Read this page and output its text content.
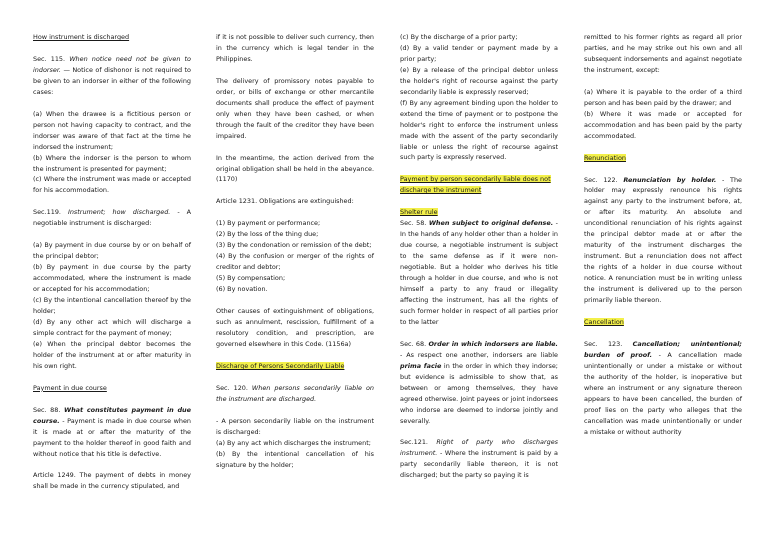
How instrument is discharged

Sec. 115. When notice need not be given to indorser. — Notice of dishonor is not required to be given to an indorser in either of the following cases:

(a) When the drawee is a fictitious person or person not having capacity to contract, and the indorser was aware of that fact at the time he indorsed the instrument;

(b) Where the indorser is the person to whom the instrument is presented for payment;

(c) Where the instrument was made or accepted for his accommodation.

Sec.119. Instrument; how discharged. - A negotiable instrument is discharged:

(a) By payment in due course by or on behalf of the principal debtor;

(b) By payment in due course by the party accommodated, where the instrument is made or accepted for his accommodation;

(c) By the intentional cancellation thereof by the holder;

(d) By any other act which will discharge a simple contract for the payment of money;

(e) When the principal debtor becomes the holder of the instrument at or after maturity in his own right.

Payment in due course

Sec. 88. What constitutes payment in due course. - Payment is made in due course when it is made at or after the maturity of the payment to the holder thereof in good faith and without notice that his title is defective.

Article 1249. The payment of debts in money shall be made in the currency stipulated, and

if it is not possible to deliver such currency, then in the currency which is legal tender in the Philippines.

The delivery of promissory notes payable to order, or bills of exchange or other mercantile documents shall produce the effect of payment only when they have been cashed, or when through the fault of the creditor they have been impaired.

In the meantime, the action derived from the original obligation shall be held in the abeyance. (1170)

Article 1231. Obligations are extinguished:

(1) By payment or performance;

(2) By the loss of the thing due;

(3) By the condonation or remission of the debt;

(4) By the confusion or merger of the rights of creditor and debtor;

(5) By compensation;

(6) By novation.

Other causes of extinguishment of obligations, such as annulment, rescission, fulfillment of a resolutory condition, and prescription, are governed elsewhere in this Code. (1156a)

Discharge of Persons Secondarily Liable

Sec. 120. When persons secondarily liable on the instrument are discharged.

- A person secondarily liable on the instrument is discharged:

(a) By any act which discharges the instrument;

(b) By the intentional cancellation of his signature by the holder;

(c) By the discharge of a prior party;

(d) By a valid tender or payment made by a prior party;

(e) By a release of the principal debtor unless the holder's right of recourse against the party secondarily liable is expressly reserved;

(f) By any agreement binding upon the holder to extend the time of payment or to postpone the holder's right to enforce the instrument unless made with the assent of the party secondarily liable or unless the right of recourse against such party is expressly reserved.

Payment by person secondarily liable does not discharge the instrument

Shelter rule

Sec. 58. When subject to original defense. - In the hands of any holder other than a holder in due course, a negotiable instrument is subject to the same defense as if it were non-negotiable. But a holder who derives his title through a holder in due course, and who is not himself a party to any fraud or illegality affecting the instrument, has all the rights of such former holder in respect of all parties prior to the latter

Sec. 68. Order in which indorsers are liable. - As respect one another, indorsers are liable prima facie in the order in which they indorse; but evidence is admissible to show that, as between or among themselves, they have agreed otherwise. Joint payees or joint indorsees who indorse are deemed to indorse jointly and severally.

Sec.121. Right of party who discharges instrument. - Where the instrument is paid by a party secondarily liable thereon, it is not discharged; but the party so paying it is

remitted to his former rights as regard all prior parties, and he may strike out his own and all subsequent indorsements and against negotiate the instrument, except:

(a) Where it is payable to the order of a third person and has been paid by the drawer; and

(b) Where it was made or accepted for accommodation and has been paid by the party accommodated.

Renunciation

Sec. 122. Renunciation by holder. - The holder may expressly renounce his rights against any party to the instrument before, at, or after its maturity. An absolute and unconditional renunciation of his rights against the principal debtor made at or after the maturity of the instrument discharges the instrument. But a renunciation does not affect the rights of a holder in due course without notice. A renunciation must be in writing unless the instrument is delivered up to the person primarily liable thereon.

Cancellation

Sec. 123. Cancellation; unintentional; burden of proof. - A cancellation made unintentionally or under a mistake or without the authority of the holder, is inoperative but where an instrument or any signature thereon appears to have been cancelled, the burden of proof lies on the party who alleges that the cancellation was made unintentionally or under a mistake or without authority
